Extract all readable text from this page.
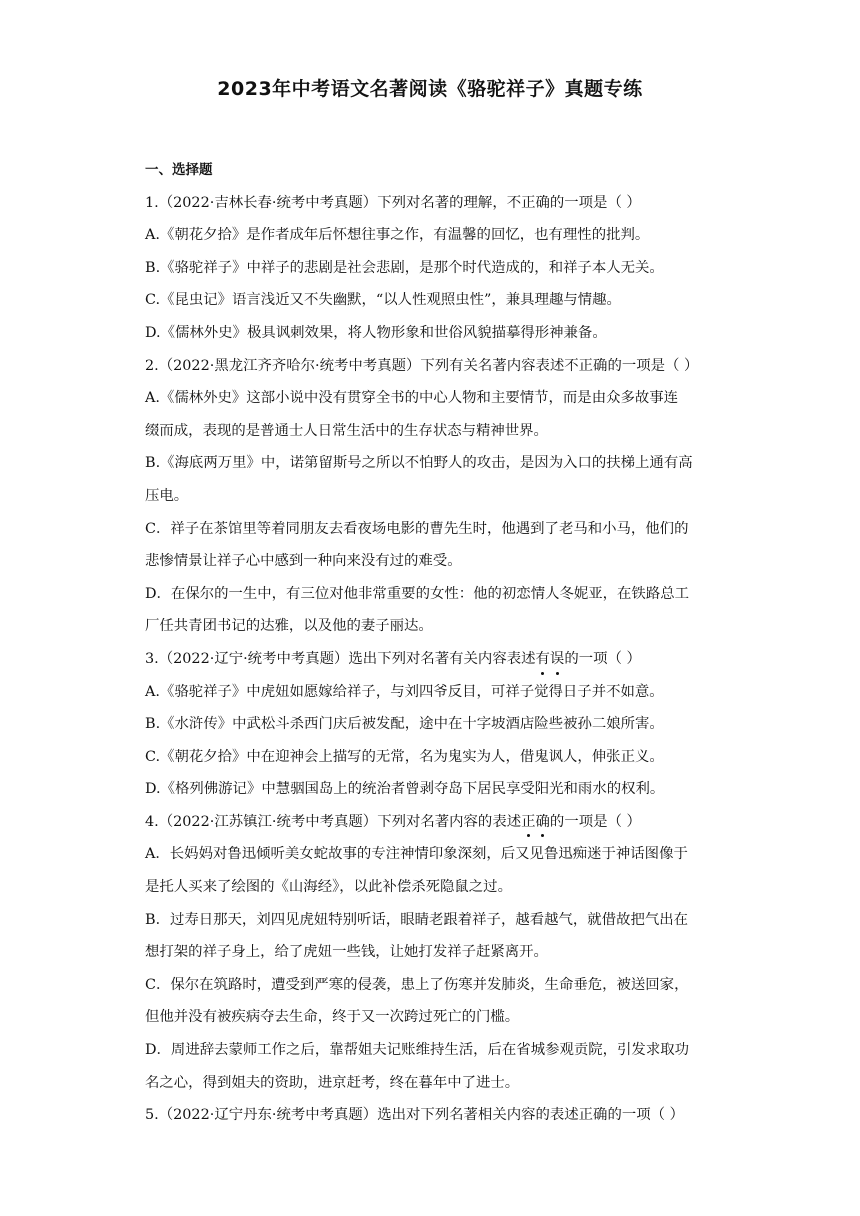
2023年中考语文名著阅读《骆驼祥子》真题专练
一、选择题
1.（2022·吉林长春·统考中考真题）下列对名著的理解，不正确的一项是（ ）
A.《朝花夕拾》是作者成年后怀想往事之作，有温馨的回忆，也有理性的批判。
B.《骆驼祥子》中祥子的悲剧是社会悲剧，是那个时代造成的，和祥子本人无关。
C.《昆虫记》语言浅近又不失幽默，“以人性观照虫性”，兼具理趣与情趣。
D.《儒林外史》极具讽刺效果，将人物形象和世俗风貌描摹得形神兼备。
2.（2022·黑龙江齐齐哈尔·统考中考真题）下列有关名著内容表述不正确的一项是（ ）
A.《儒林外史》这部小说中没有贯穿全书的中心人物和主要情节，而是由众多故事连
缀而成，表现的是普通士人日常生活中的生存状态与精神世界。
B.《海底两万里》中，诺第留斯号之所以不怕野人的攻击，是因为入口的扶梯上通有高
压电。
C．祥子在茶馆里等着同朋友去看夜场电影的曹先生时，他遇到了老马和小马，他们的
悲惨情景让祥子心中感到一种向来没有过的难受。
D．在保尔的一生中，有三位对他非常重要的女性：他的初恋情人冬妮亚，在铁路总工
厂任共青团书记的达雅，以及他的妻子丽达。
3.（2022·辽宁·统考中考真题）选出下列对名著有关内容表述有误的一项（ ）
A.《骆驼祥子》中虎妞如愿嫁给祥子，与刘四爷反目，可祥子觉得日子并不如意。
B.《水浒传》中武松斗杀西门庆后被发配，途中在十字坡酒店险些被孙二娘所害。
C.《朝花夕拾》中在迎神会上描写的无常，名为鬼实为人，借鬼讽人，伸张正义。
D.《格列佛游记》中慧骃国岛上的统治者曾剥夺岛下居民享受阳光和雨水的权利。
4.（2022·江苏镇江·统考中考真题）下列对名著内容的表述正确的一项是（ ）
A．长妈妈对鲁迅倾听美女蛇故事的专注神情印象深刻，后又见鲁迅痴迷于神话图像于
是托人买来了绘图的《山海经》，以此补偿杀死隐鼠之过。
B．过寿日那天，刘四见虎妞特别听话，眼睛老跟着祥子，越看越气，就借故把气出在
想打架的祥子身上，给了虎妞一些钱，让她打发祥子赶紧离开。
C．保尔在筑路时，遭受到严寒的侵袭，患上了伤寒并发肺炎，生命垂危，被送回家，
但他并没有被疾病夺去生命，终于又一次跨过死亡的门槛。
D．周进辞去蒙师工作之后，靠帮姐夫记账维持生活，后在省城参观贡院，引发求取功
名之心，得到姐夫的资助，进京赶考，终在暮年中了进士。
5.（2022·辽宁丹东·统考中考真题）选出对下列名著相关内容的表述正确的一项（ ）
